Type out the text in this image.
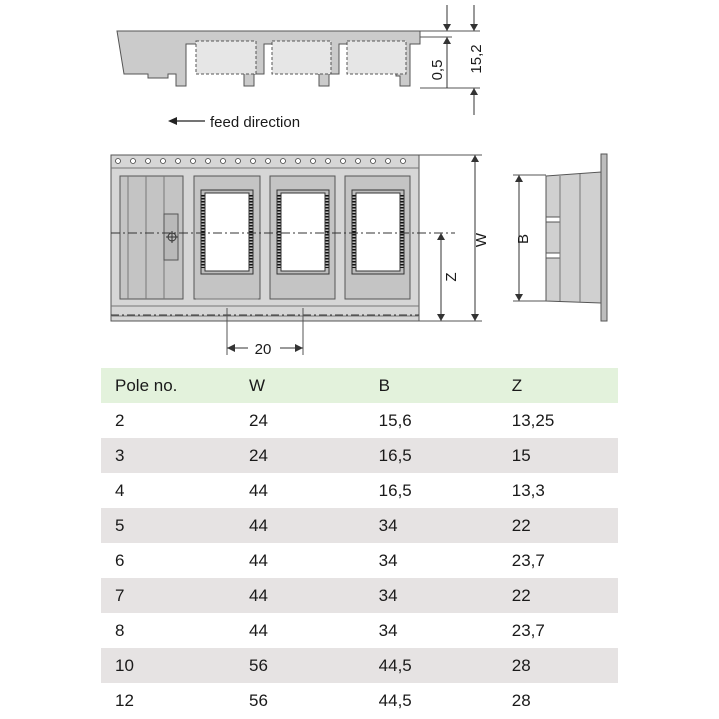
0,5 15,2
feed direction
W
Z
20
B
Pole no.	W	B	Z
2	24	15,6	13,25
3	24	16,5	15
4	44	16,5	13,3
5	44	34	22
6	44	34	23,7
7	44	34	22
8	44	34	23,7
10	56	44,5	28
12	56	44,5	28
